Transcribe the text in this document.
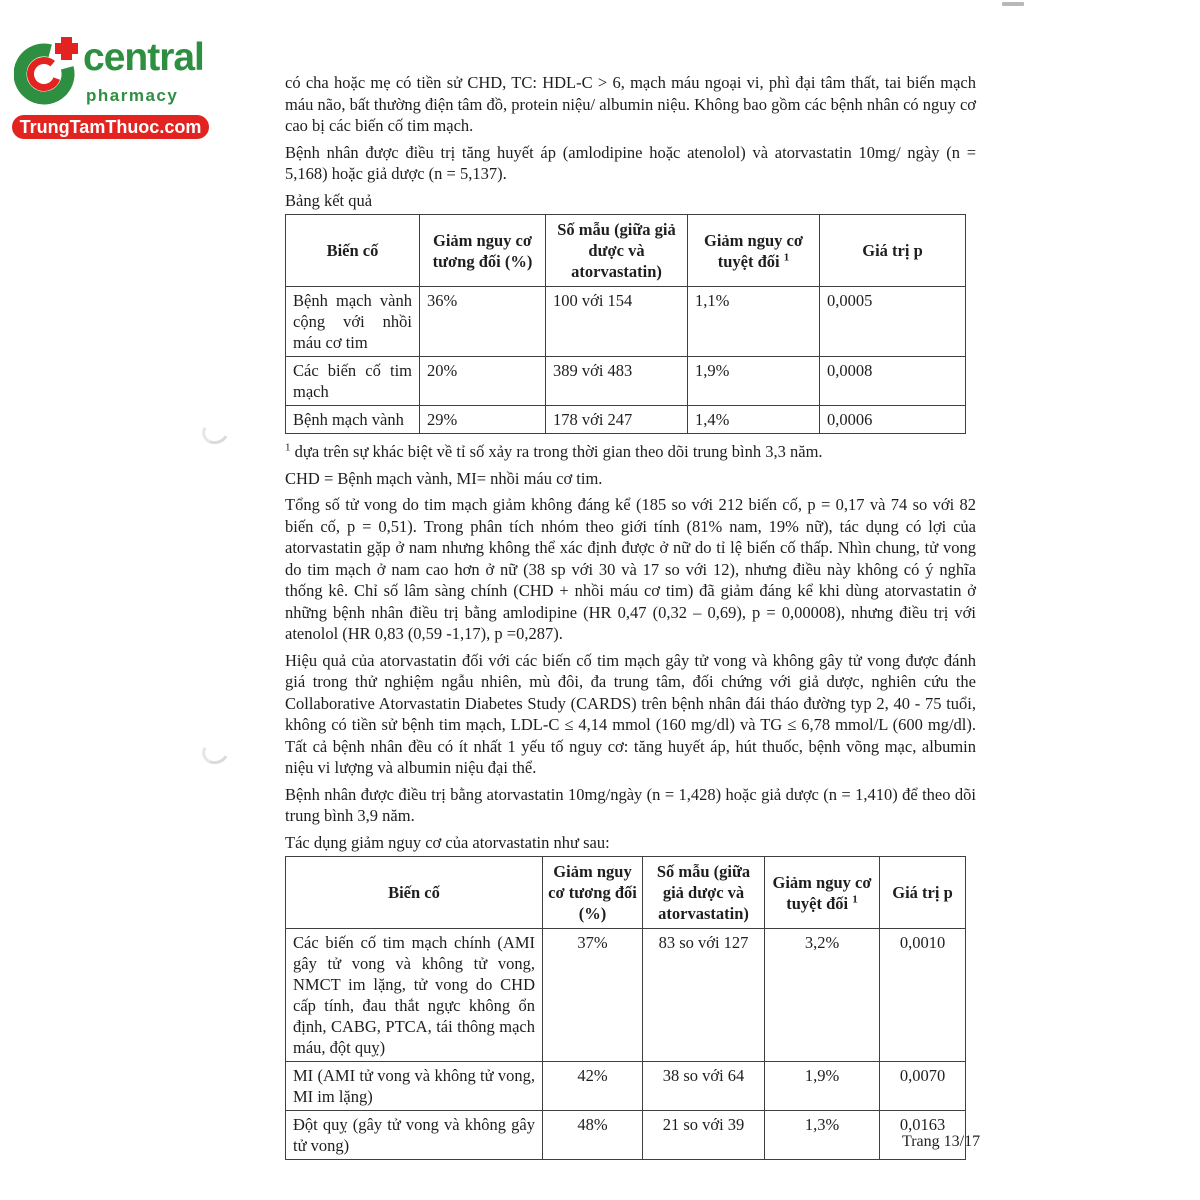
central
pharmacy
TrungTamThuoc.com

có cha hoặc mẹ có tiền sử CHD, TC: HDL-C > 6, mạch máu ngoại vi, phì đại tâm thất, tai biến mạch máu não, bất thường điện tâm đồ, protein niệu/ albumin niệu. Không bao gồm các bệnh nhân có nguy cơ cao bị các biến cố tim mạch.

Bệnh nhân được điều trị tăng huyết áp (amlodipine hoặc atenolol) và atorvastatin 10mg/ ngày (n = 5,168) hoặc giả dược (n = 5,137).

Bảng kết quả

Biến cố	Giảm nguy cơ tương đối (%)	Số mẫu (giữa giả dược và atorvastatin)	Giảm nguy cơ tuyệt đối $^1$	Giá trị p
Bệnh mạch vành cộng với nhồi máu cơ tim	36%	100 với 154	1,1%	0,0005
Các biến cố tim mạch	20%	389 với 483	1,9%	0,0008
Bệnh mạch vành	29%	178 với 247	1,4%	0,0006

$^1$ dựa trên sự khác biệt về tỉ số xảy ra trong thời gian theo dõi trung bình 3,3 năm.

CHD = Bệnh mạch vành, MI= nhồi máu cơ tim.

Tổng số tử vong do tim mạch giảm không đáng kể (185 so với 212 biến cố, p = 0,17 và 74 so với 82 biến cố, p = 0,51). Trong phân tích nhóm theo giới tính (81% nam, 19% nữ), tác dụng có lợi của atorvastatin gặp ở nam nhưng không thể xác định được ở nữ do tỉ lệ biến cố thấp. Nhìn chung, tử vong do tim mạch ở nam cao hơn ở nữ (38 sp với 30 và 17 so với 12), nhưng điều này không có ý nghĩa thống kê. Chỉ số lâm sàng chính (CHD + nhồi máu cơ tim) đã giảm đáng kể khi dùng atorvastatin ở những bệnh nhân điều trị bằng amlodipine (HR 0,47 (0,32 – 0,69), p = 0,00008), nhưng điều trị với atenolol (HR 0,83 (0,59 -1,17), p =0,287).

Hiệu quả của atorvastatin đối với các biến cố tim mạch gây tử vong và không gây tử vong được đánh giá trong thử nghiệm ngẫu nhiên, mù đôi, đa trung tâm, đối chứng với giả dược, nghiên cứu the Collaborative Atorvastatin Diabetes Study (CARDS) trên bệnh nhân đái tháo đường typ 2, 40 - 75 tuổi, không có tiền sử bệnh tim mạch, LDL-C ≤ 4,14 mmol (160 mg/dl) và TG ≤ 6,78 mmol/L (600 mg/dl). Tất cả bệnh nhân đều có ít nhất 1 yếu tố nguy cơ: tăng huyết áp, hút thuốc, bệnh võng mạc, albumin niệu vi lượng và albumin niệu đại thể.

Bệnh nhân được điều trị bằng atorvastatin 10mg/ngày (n = 1,428) hoặc giả dược (n = 1,410) để theo dõi trung bình 3,9 năm.

Tác dụng giảm nguy cơ của atorvastatin như sau:

Biến cố	Giảm nguy cơ tương đối (%)	Số mẫu (giữa giả dược và atorvastatin)	Giảm nguy cơ tuyệt đối $^1$	Giá trị p
Các biến cố tim mạch chính (AMI gây tử vong và không tử vong, NMCT im lặng, tử vong do CHD cấp tính, đau thắt ngực không ổn định, CABG, PTCA, tái thông mạch máu, đột quỵ)	37%	83 so với 127	3,2%	0,0010
MI (AMI tử vong và không tử vong, MI im lặng)	42%	38 so với 64	1,9%	0,0070
Đột quỵ (gây tử vong và không gây tử vong)	48%	21 so với 39	1,3%	0,0163
Trang 13/17
